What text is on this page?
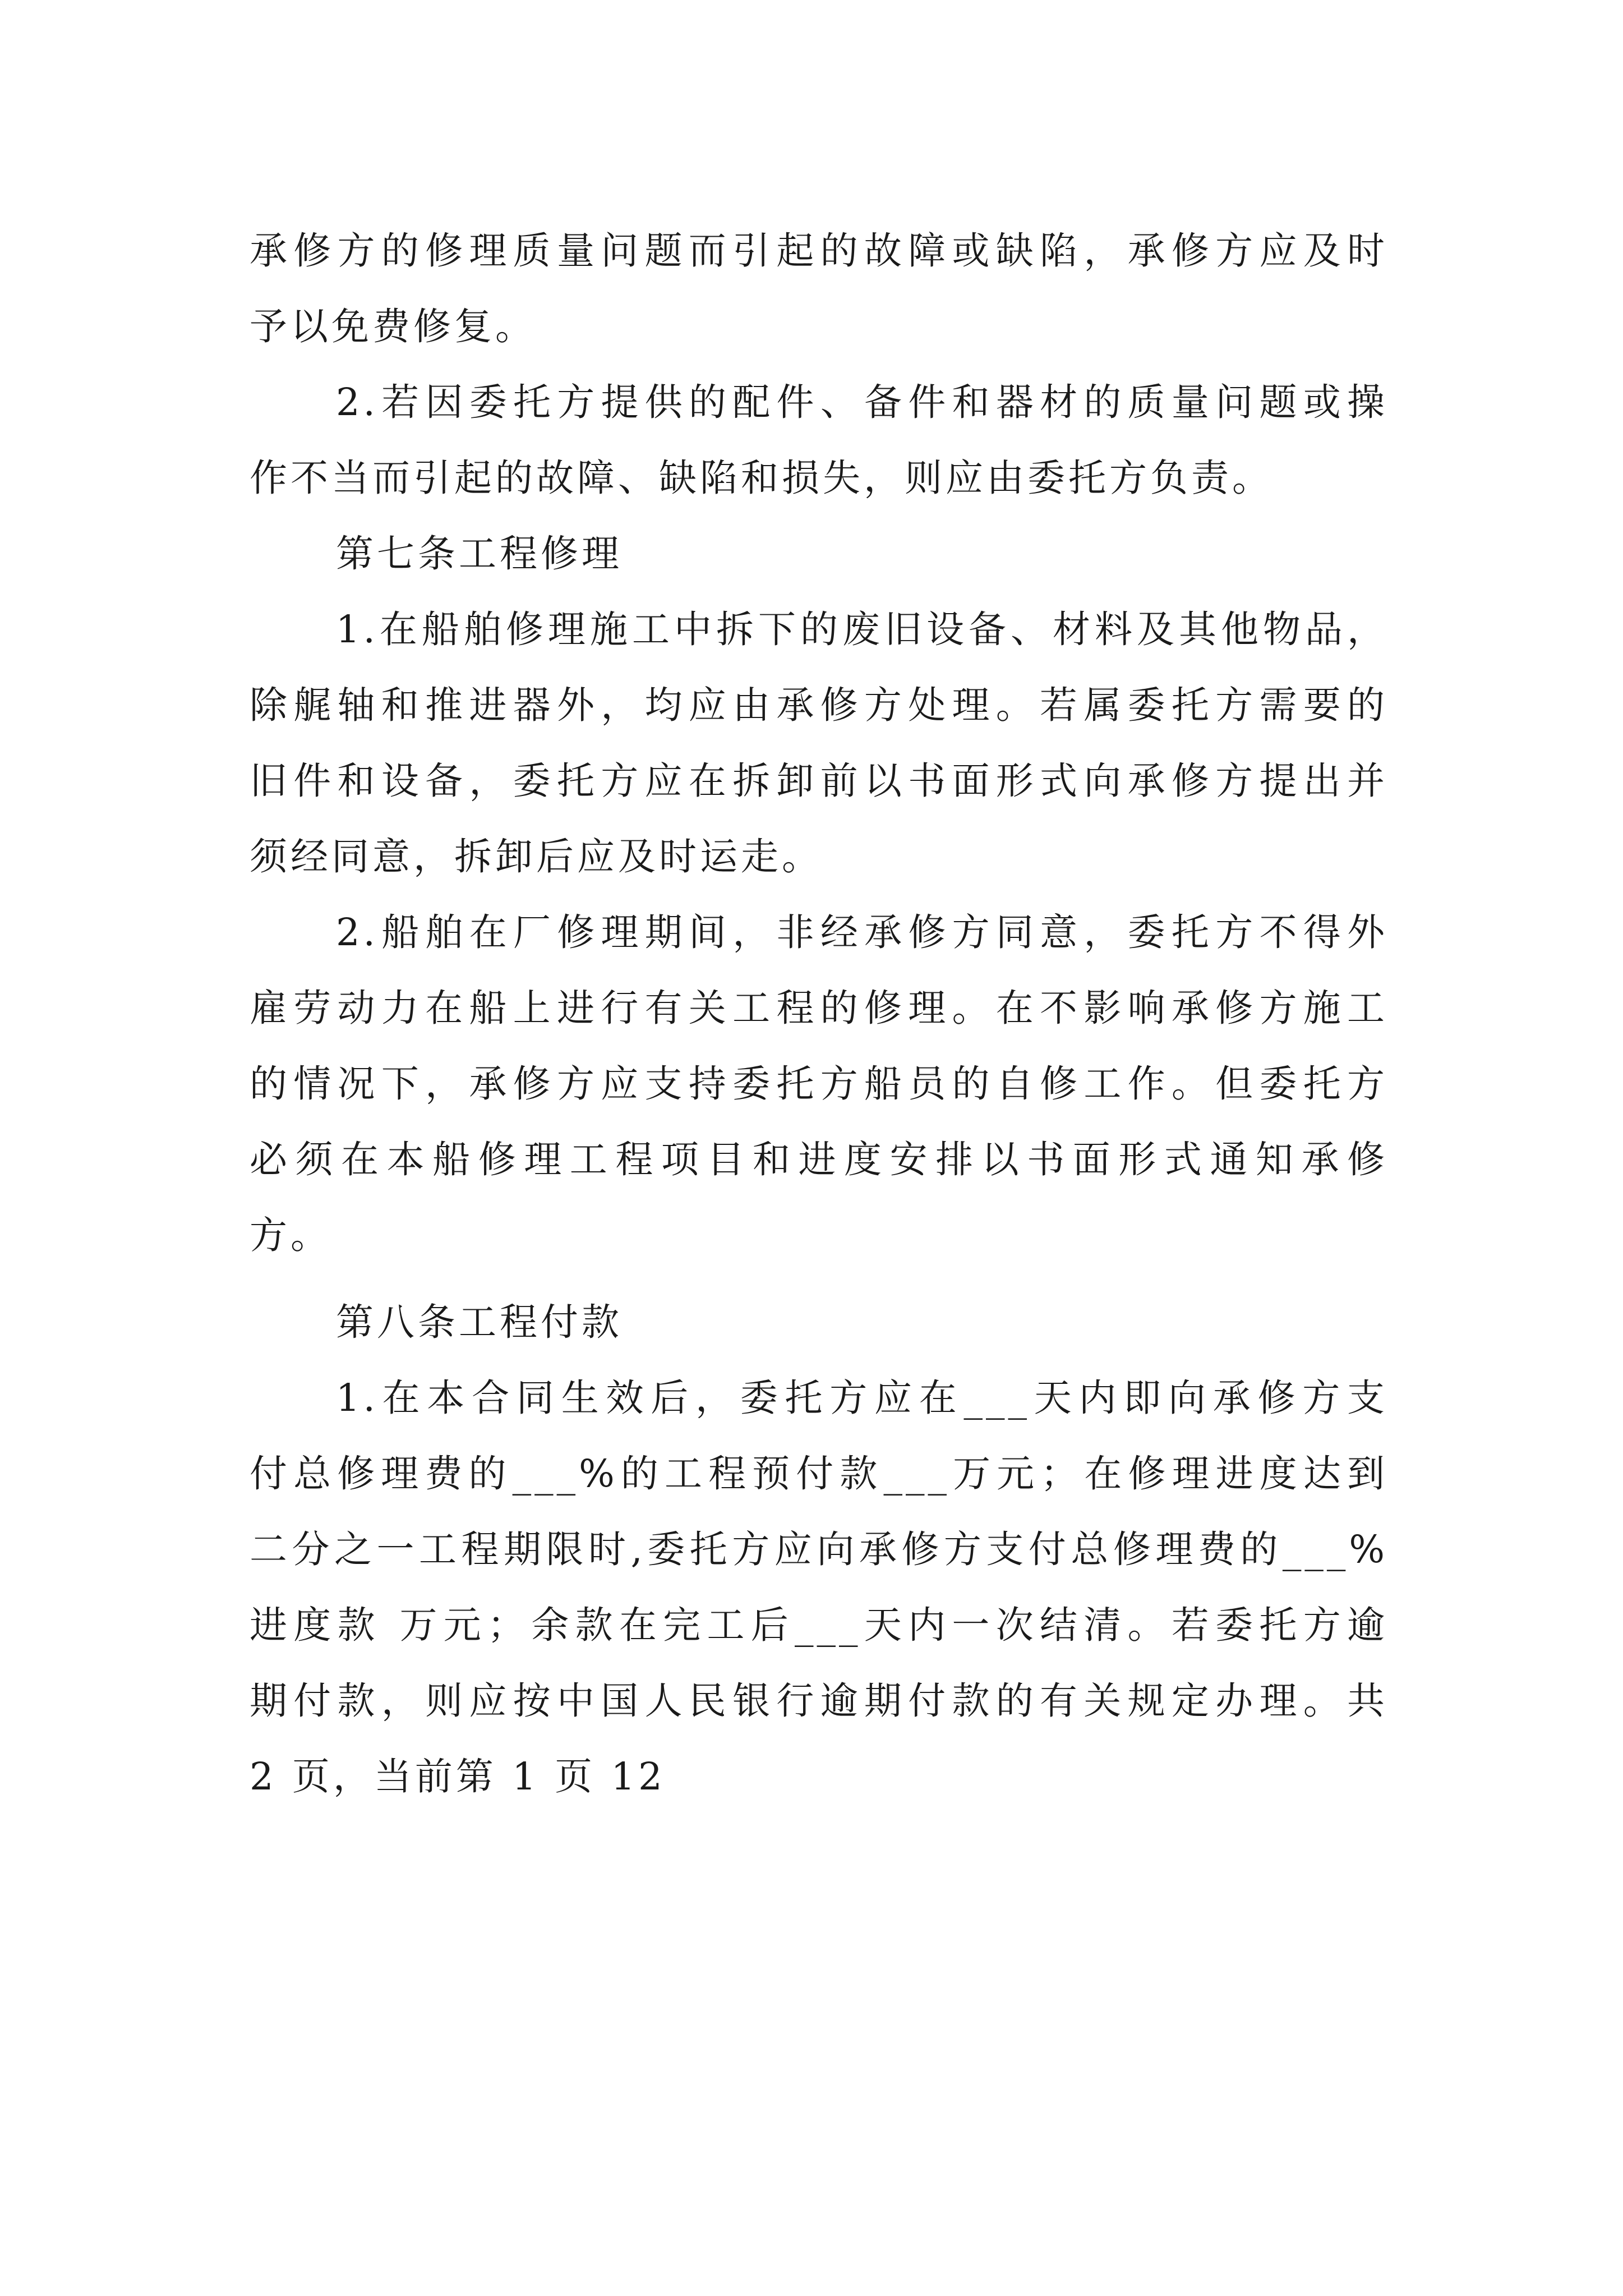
承修方的修理质量问题而引起的故障或缺陷，承修方应及时
予以免费修复。
2.若因委托方提供的配件、备件和器材的质量问题或操
作不当而引起的故障、缺陷和损失，则应由委托方负责。
第七条工程修理
1.在船舶修理施工中拆下的废旧设备、材料及其他物品，
除艉轴和推进器外，均应由承修方处理。若属委托方需要的
旧件和设备，委托方应在拆卸前以书面形式向承修方提出并
须经同意，拆卸后应及时运走。
2.船舶在厂修理期间，非经承修方同意，委托方不得外
雇劳动力在船上进行有关工程的修理。在不影响承修方施工
的情况下，承修方应支持委托方船员的自修工作。但委托方
必须在本船修理工程项目和进度安排以书面形式通知承修
方。
第八条工程付款
1.在本合同生效后，委托方应在___天内即向承修方支
付总修理费的___%的工程预付款___万元；在修理进度达到
二分之一工程期限时,委托方应向承修方支付总修理费的___%
进度款 万元；余款在完工后___天内一次结清。若委托方逾
期付款，则应按中国人民银行逾期付款的有关规定办理。共
2 页，当前第 1 页 12
